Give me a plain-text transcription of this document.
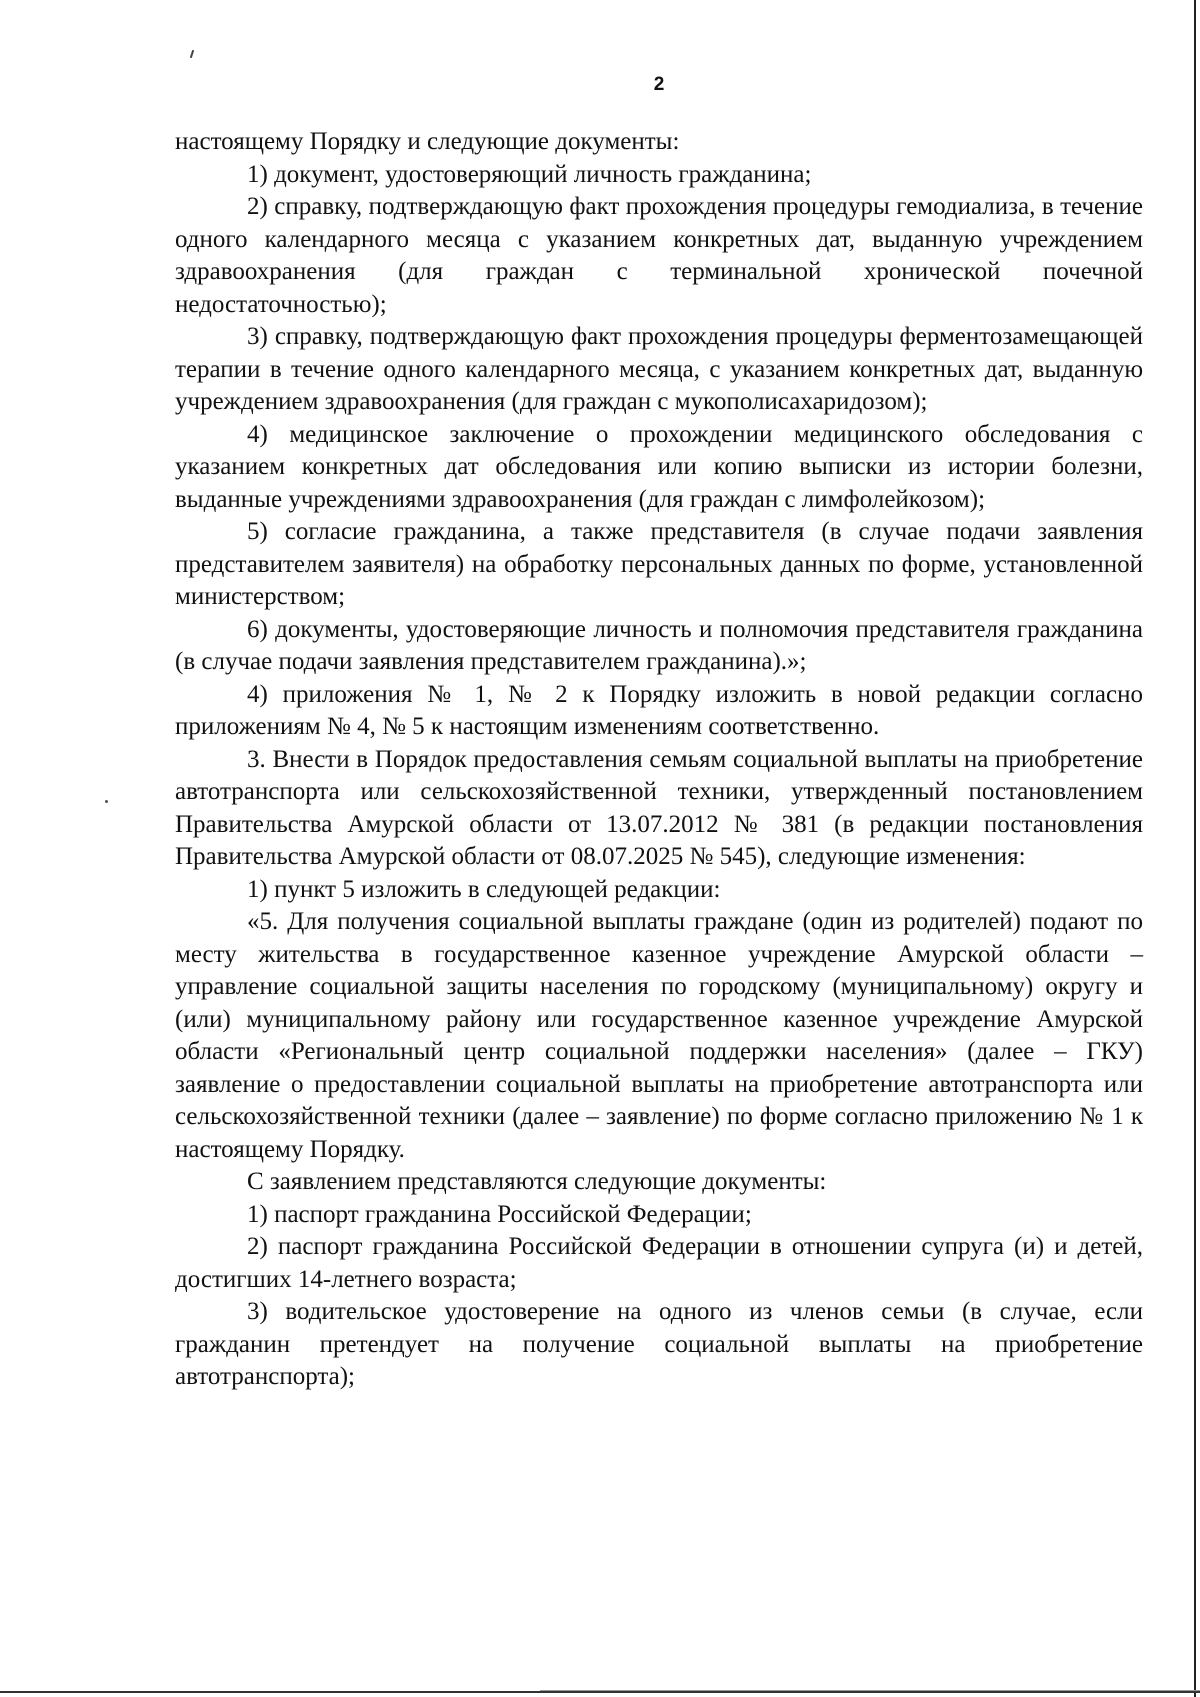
2

настоящему Порядку и следующие документы:

1) документ, удостоверяющий личность гражданина;

2) справку, подтверждающую факт прохождения процедуры гемодиализа, в течение одного календарного месяца с указанием конкретных дат, выданную учреждением здравоохранения (для граждан с терминальной хронической почечной недостаточностью);

3) справку, подтверждающую факт прохождения процедуры ферментозамещающей терапии в течение одного календарного месяца, с указанием конкретных дат, выданную учреждением здравоохранения (для граждан с мукополисахаридозом);

4) медицинское заключение о прохождении медицинского обследования с указанием конкретных дат обследования или копию выписки из истории болезни, выданные учреждениями здравоохранения (для граждан с лимфолейкозом);

5) согласие гражданина, а также представителя (в случае подачи заявления представителем заявителя) на обработку персональных данных по форме, установленной министерством;

6) документы, удостоверяющие личность и полномочия представителя гражданина (в случае подачи заявления представителем гражданина).»;

4) приложения № 1, № 2 к Порядку изложить в новой редакции согласно приложениям № 4, № 5 к настоящим изменениям соответственно.

3. Внести в Порядок предоставления семьям социальной выплаты на приобретение автотранспорта или сельскохозяйственной техники, утвержденный постановлением Правительства Амурской области от 13.07.2012 № 381 (в редакции постановления Правительства Амурской области от 08.07.2025 № 545), следующие изменения:

1) пункт 5 изложить в следующей редакции:

«5. Для получения социальной выплаты граждане (один из родителей) подают по месту жительства в государственное казенное учреждение Амурской области – управление социальной защиты населения по городскому (муниципальному) округу и (или) муниципальному району или государственное казенное учреждение Амурской области «Региональный центр социальной поддержки населения» (далее – ГКУ) заявление о предоставлении социальной выплаты на приобретение автотранспорта или сельскохозяйственной техники (далее – заявление) по форме согласно приложению № 1 к настоящему Порядку.

С заявлением представляются следующие документы:

1) паспорт гражданина Российской Федерации;

2) паспорт гражданина Российской Федерации в отношении супруга (и) и детей, достигших 14-летнего возраста;

3) водительское удостоверение на одного из членов семьи (в случае, если гражданин претендует на получение социальной выплаты на приобретение автотранспорта);
